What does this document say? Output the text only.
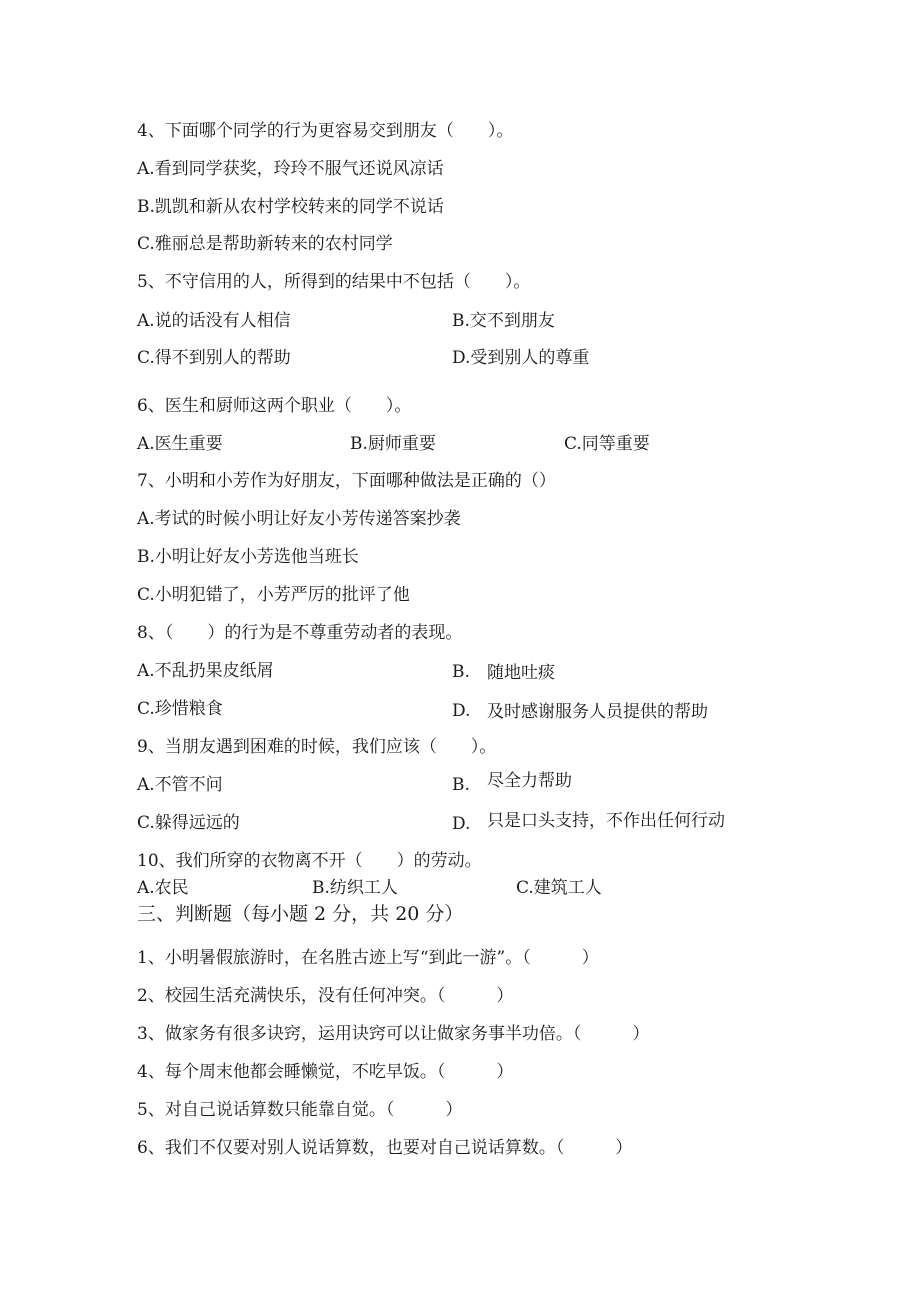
4、下面哪个同学的行为更容易交到朋友（　　）。
A.看到同学获奖，玲玲不服气还说风凉话
B.凯凯和新从农村学校转来的同学不说话
C.雅丽总是帮助新转来的农村同学
5、不守信用的人，所得到的结果中不包括（　　）。
A.说的话没有人相信	B.交不到朋友
C.得不到别人的帮助	D.受到别人的尊重
6、医生和厨师这两个职业（　　）。
A.医生重要	B.厨师重要	C.同等重要
7、小明和小芳作为好朋友，下面哪种做法是正确的（）
A.考试的时候小明让好友小芳传递答案抄袭
B.小明让好友小芳选他当班长
C.小明犯错了，小芳严厉的批评了他
8、（　　）的行为是不尊重劳动者的表现。
A.不乱扔果皮纸屑	B. 随地吐痰
C.珍惜粮食	D. 及时感谢服务人员提供的帮助
9、当朋友遇到困难的时候，我们应该（　　）。
A.不管不问	B. 尽全力帮助
C.躲得远远的	D. 只是口头支持，不作出任何行动
10、我们所穿的衣物离不开（　　）的劳动。
A.农民	B.纺织工人	C.建筑工人
三、判断题（每小题 2 分，共 20 分）
1、小明暑假旅游时，在名胜古迹上写“到此一游”。（　　　）
2、校园生活充满快乐，没有任何冲突。（　　　）
3、做家务有很多诀窍，运用诀窍可以让做家务事半功倍。（　　　）
4、每个周末他都会睡懒觉，不吃早饭。（　　　）
5、对自己说话算数只能靠自觉。（　　　）
6、我们不仅要对别人说话算数，也要对自己说话算数。（　　　）
